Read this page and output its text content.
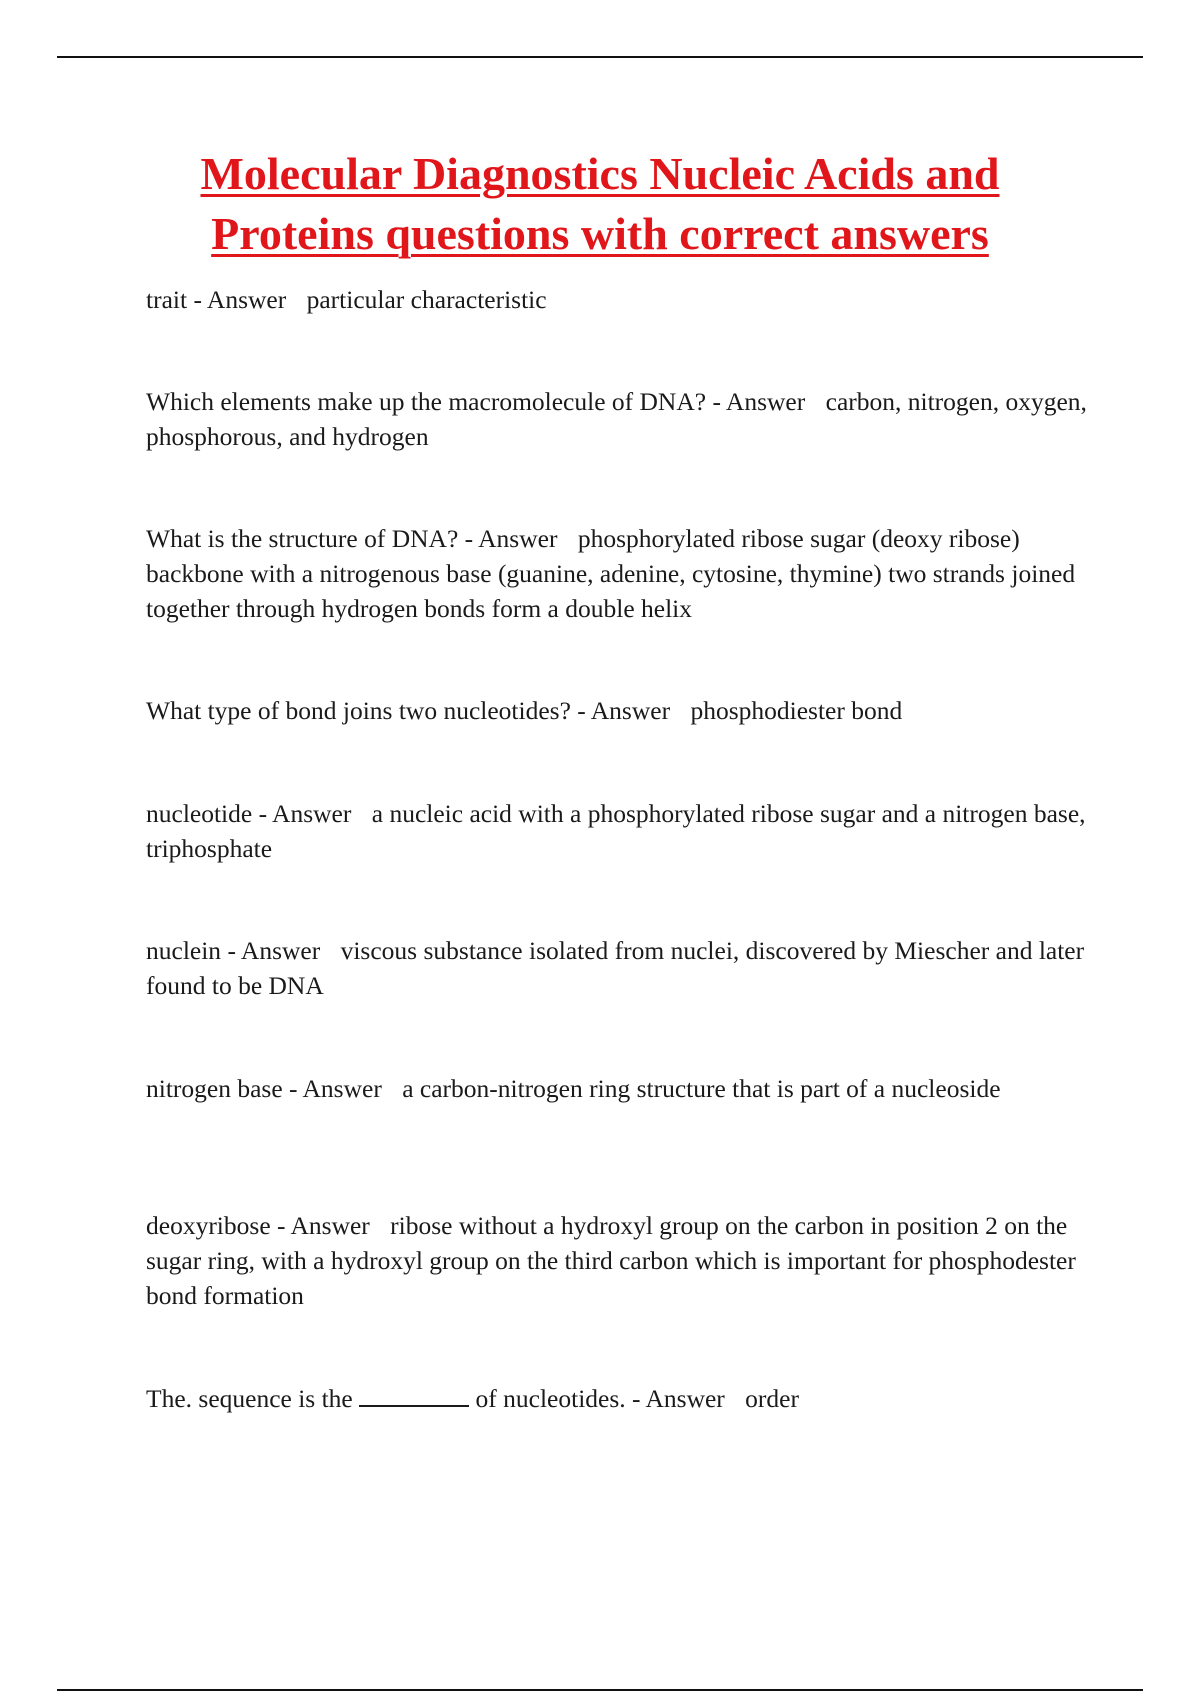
Molecular Diagnostics Nucleic Acids and
Proteins questions with correct answers

trait - Answer particular characteristic

Which elements make up the macromolecule of DNA? - Answer carbon, nitrogen, oxygen, phosphorous, and hydrogen

What is the structure of DNA? - Answer phosphorylated ribose sugar (deoxy ribose) backbone with a nitrogenous base (guanine, adenine, cytosine, thymine) two strands joined together through hydrogen bonds form a double helix

What type of bond joins two nucleotides? - Answer phosphodiester bond

nucleotide - Answer a nucleic acid with a phosphorylated ribose sugar and a nitrogen base, triphosphate

nuclein - Answer viscous substance isolated from nuclei, discovered by Miescher and later found to be DNA

nitrogen base - Answer a carbon-nitrogen ring structure that is part of a nucleoside

deoxyribose - Answer ribose without a hydroxyl group on the carbon in position 2 on the sugar ring, with a hydroxyl group on the third carbon which is important for phosphodester bond formation

The. sequence is the	of nucleotides. - Answer order
